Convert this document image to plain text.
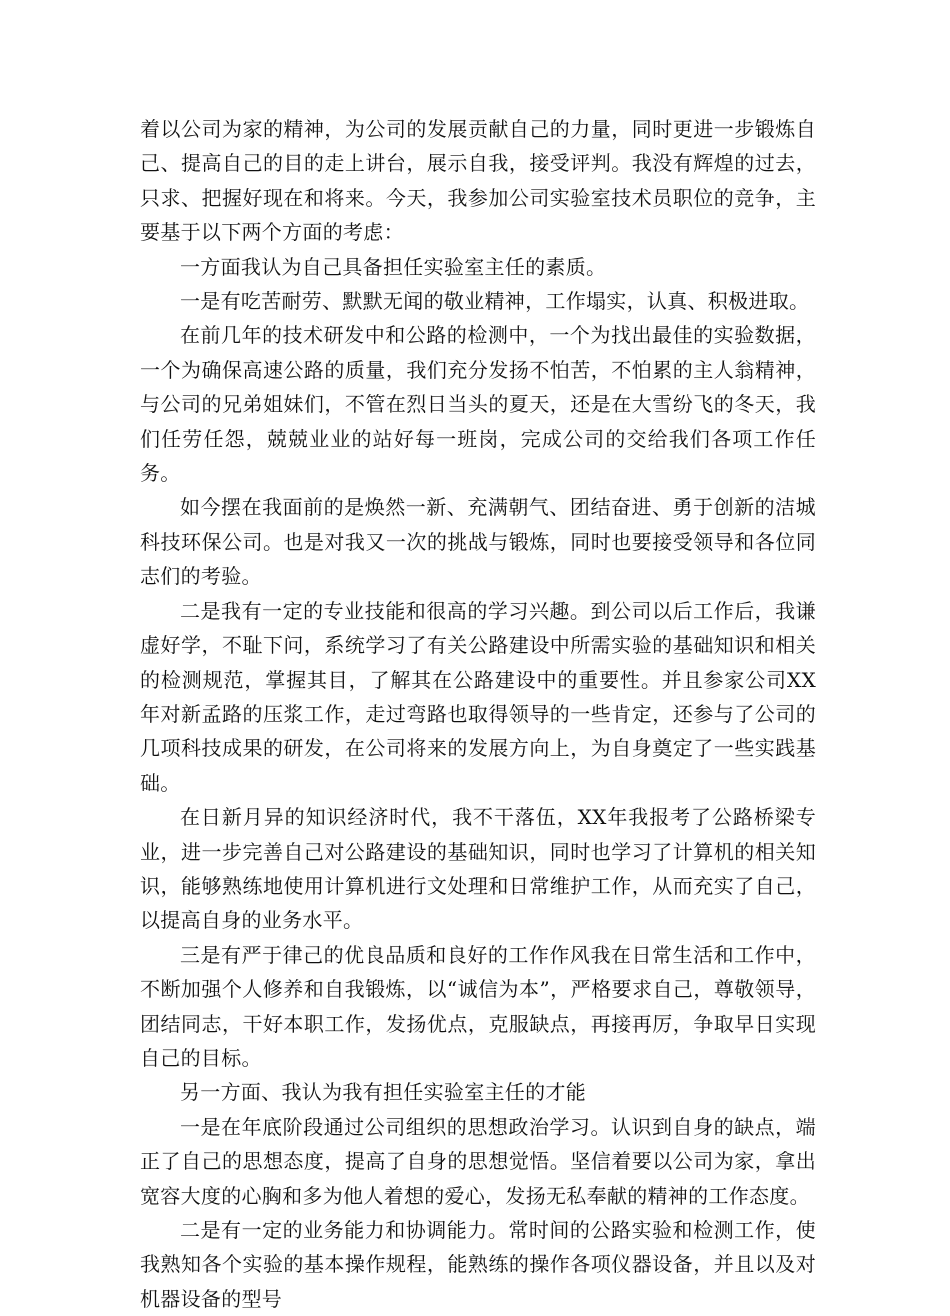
着以公司为家的精神，为公司的发展贡献自己的力量，同时更进一步锻炼自己、提高自己的目的走上讲台，展示自我，接受评判。我没有辉煌的过去，只求、把握好现在和将来。今天，我参加公司实验室技术员职位的竞争，主要基于以下两个方面的考虑：

一方面我认为自己具备担任实验室主任的素质。

一是有吃苦耐劳、默默无闻的敬业精神，工作塌实，认真、积极进取。

在前几年的技术研发中和公路的检测中，一个为找出最佳的实验数据，一个为确保高速公路的质量，我们充分发扬不怕苦，不怕累的主人翁精神，与公司的兄弟姐妹们，不管在烈日当头的夏天，还是在大雪纷飞的冬天，我们任劳任怨，兢兢业业的站好每一班岗，完成公司的交给我们各项工作任务。

如今摆在我面前的是焕然一新、充满朝气、团结奋进、勇于创新的洁城科技环保公司。也是对我又一次的挑战与锻炼，同时也要接受领导和各位同志们的考验。

二是我有一定的专业技能和很高的学习兴趣。到公司以后工作后，我谦虚好学，不耻下问，系统学习了有关公路建设中所需实验的基础知识和相关的检测规范，掌握其目，了解其在公路建设中的重要性。并且参家公司XX年对新孟路的压浆工作，走过弯路也取得领导的一些肯定，还参与了公司的几项科技成果的研发，在公司将来的发展方向上，为自身奠定了一些实践基础。

在日新月异的知识经济时代，我不干落伍，XX年我报考了公路桥梁专业，进一步完善自己对公路建设的基础知识，同时也学习了计算机的相关知识，能够熟练地使用计算机进行文处理和日常维护工作，从而充实了自己，以提高自身的业务水平。

三是有严于律己的优良品质和良好的工作作风我在日常生活和工作中，不断加强个人修养和自我锻炼，以“诚信为本”，严格要求自己，尊敬领导，团结同志，干好本职工作，发扬优点，克服缺点，再接再厉，争取早日实现自己的目标。

另一方面、我认为我有担任实验室主任的才能

一是在年底阶段通过公司组织的思想政治学习。认识到自身的缺点，端正了自己的思想态度，提高了自身的思想觉悟。坚信着要以公司为家，拿出宽容大度的心胸和多为他人着想的爱心，发扬无私奉献的精神的工作态度。

二是有一定的业务能力和协调能力。常时间的公路实验和检测工作，使我熟知各个实验的基本操作规程，能熟练的操作各项仪器设备，并且以及对机器设备的型号
